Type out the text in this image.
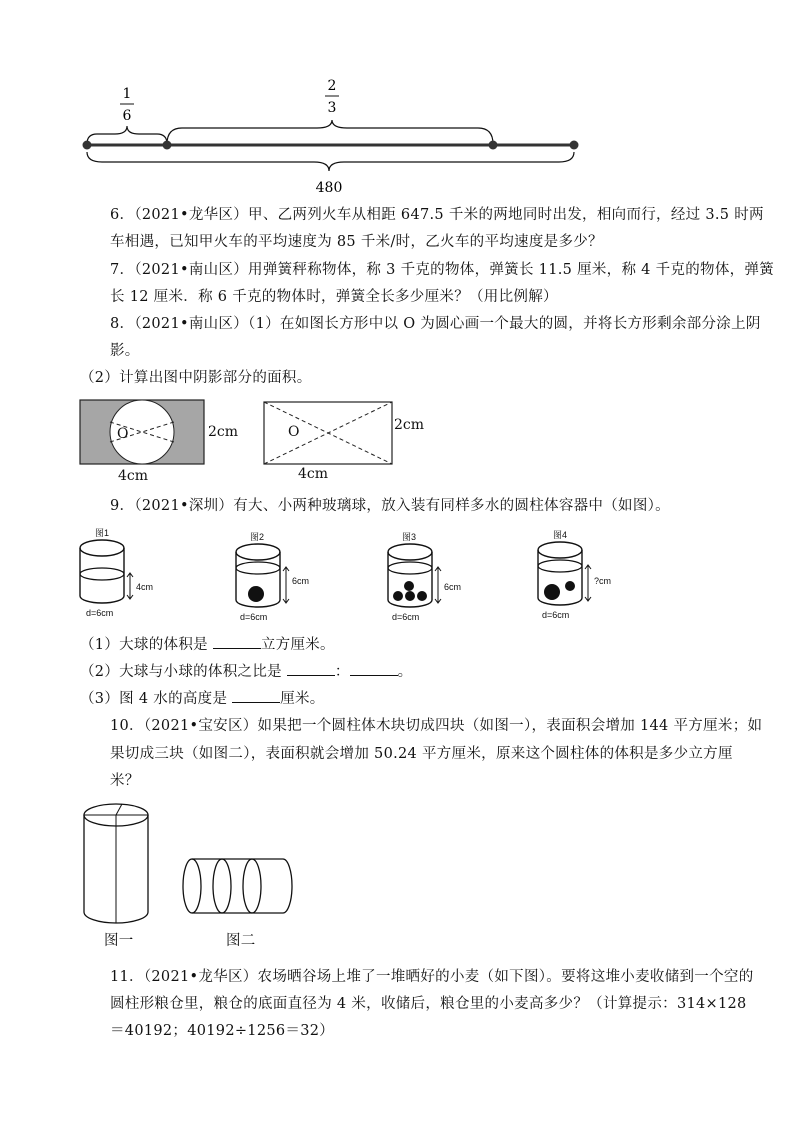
1
6
2
3
480
6．（2021•龙华区）甲、乙两列火车从相距 647.5 千米的两地同时出发，相向而行，经过 3.5 时两
车相遇，已知甲火车的平均速度为 85 千米/时，乙火车的平均速度是多少？
7．（2021•南山区）用弹簧秤称物体，称 3 千克的物体，弹簧长 11.5 厘米，称 4 千克的物体，弹簧
长 12 厘米．称 6 千克的物体时，弹簧全长多少厘米？（用比例解）
8．（2021•南山区）（1）在如图长方形中以 O 为圆心画一个最大的圆，并将长方形剩余部分涂上阴
影。
（2）计算出图中阴影部分的面积。
O	2cm
4cm
O	2cm
4cm
9．（2021•深圳）有大、小两种玻璃球，放入装有同样多水的圆柱体容器中（如图）。
图1
4cm
d=6cm
图2
6cm
d=6cm
图3
6cm
d=6cm
图4
?cm
d=6cm
（1）大球的体积是	立方厘米。
（2）大球与小球的体积之比是	：	。
（3）图 4 水的高度是	厘米。
10．（2021•宝安区）如果把一个圆柱体木块切成四块（如图一），表面积会增加 144 平方厘米；如
果切成三块（如图二），表面积就会增加 50.24 平方厘米，原来这个圆柱体的体积是多少立方厘
米？
图一	图二
11．（2021•龙华区）农场晒谷场上堆了一堆晒好的小麦（如下图）。要将这堆小麦收储到一个空的
圆柱形粮仓里，粮仓的底面直径为 4 米，收储后，粮仓里的小麦高多少？（计算提示：314×128
＝40192；40192÷1256＝32）
